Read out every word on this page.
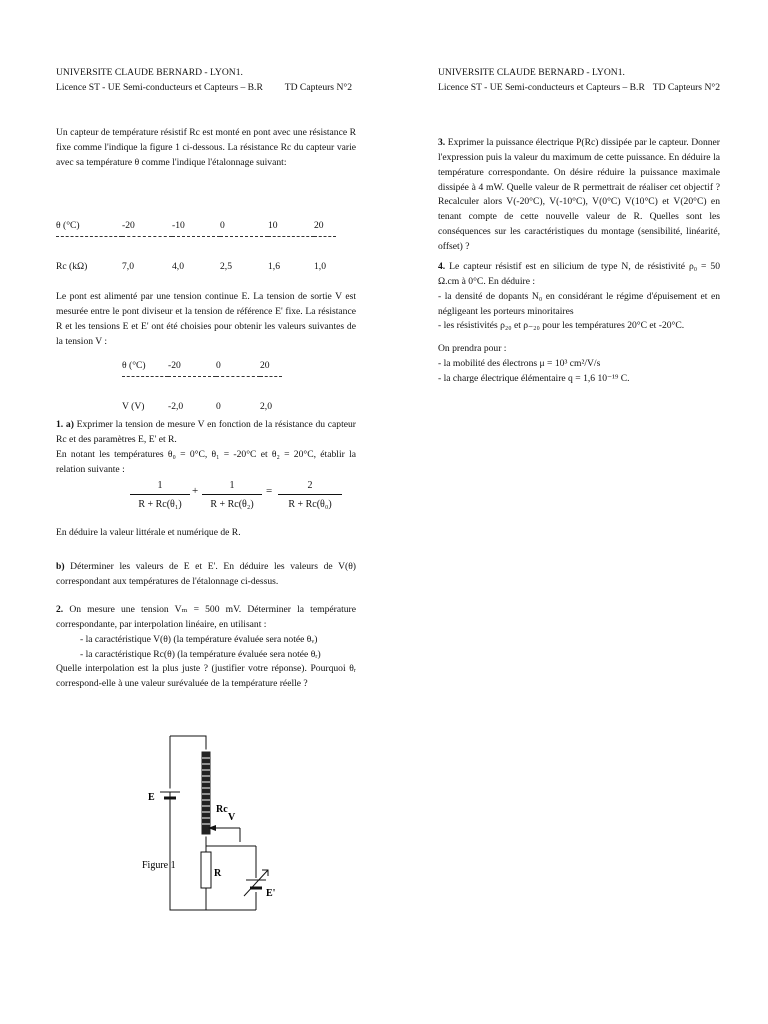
UNIVERSITE CLAUDE BERNARD - LYON1.
Licence ST - UE Semi-conducteurs et Capteurs – B.R TD Capteurs N°2

Un capteur de température résistif Rc est monté en pont avec une résistance R fixe comme l'indique la figure 1 ci-dessous. La résistance Rc du capteur varie avec sa température θ comme l'indique l'étalonnage suivant:

θ (°C)	-20	-10	0	10	20

Rc (kΩ)	7,0	4,0	2,5	1,6	1,0

Le pont est alimenté par une tension continue E. La tension de sortie V est mesurée entre le pont diviseur et la tension de référence E' fixe. La résistance R et les tensions E et E' ont été choisies pour obtenir les valeurs suivantes de la tension V :

θ (°C)	-20	0	20

V (V)	-2,0	0	2,0
1. a) Exprimer la tension de mesure V en fonction de la résistance du capteur Rc et des paramètres E, E' et R.
En notant les températures θ₀ = 0°C, θ₁ = -20°C et θ₂ = 20°C, établir la relation suivante :
$\frac{1}{\text{R + Rc(θ₁)}} + \frac{1}{\text{R + Rc(θ₂)}} = \frac{2}{\text{R + Rc(θ₀)}}$

En déduire la valeur littérale et numérique de R.

b) Déterminer les valeurs de E et E'. En déduire les valeurs de V(θ) correspondant aux températures de l'étalonnage ci-dessus.
2. On mesure une tension Vₘ = 500 mV. Déterminer la température correspondante, par interpolation linéaire, en utilisant :
- la caractéristique V(θ) (la température évaluée sera notée θᵥ)
- la caractéristique Rc(θ) (la température évaluée sera notée θᵣ)
Quelle interpolation est la plus juste ? (justifier votre réponse). Pourquoi θᵣ correspond-elle à une valeur surévaluée de la température réelle ?
Figure 1
E
Rc
V
R
E'
UNIVERSITE CLAUDE BERNARD - LYON1.
Licence ST - UE Semi-conducteurs et Capteurs – B.R TD Capteurs N°2
3. Exprimer la puissance électrique P(Rc) dissipée par le capteur. Donner l'expression puis la valeur du maximum de cette puissance. En déduire la température correspondante. On désire réduire la puissance maximale dissipée à 4 mW. Quelle valeur de R permettrait de réaliser cet objectif ? Recalculer alors V(-20°C), V(-10°C), V(0°C) V(10°C) et V(20°C) en tenant compte de cette nouvelle valeur de R. Quelles sont les conséquences sur les caractéristiques du montage (sensibilité, linéarité, offset) ?
4. Le capteur résistif est en silicium de type N, de résistivité ρ₀ = 50 Ω.cm à 0°C. En déduire :
- la densité de dopants N₀ en considérant le régime d'épuisement et en négligeant les porteurs minoritaires
- les résistivités ρ₂₀ et ρ₋₂₀ pour les températures 20°C et -20°C.
On prendra pour :
- la mobilité des électrons μ = 10³ cm²/V/s
- la charge électrique élémentaire q = 1,6 10⁻¹⁹ C.
